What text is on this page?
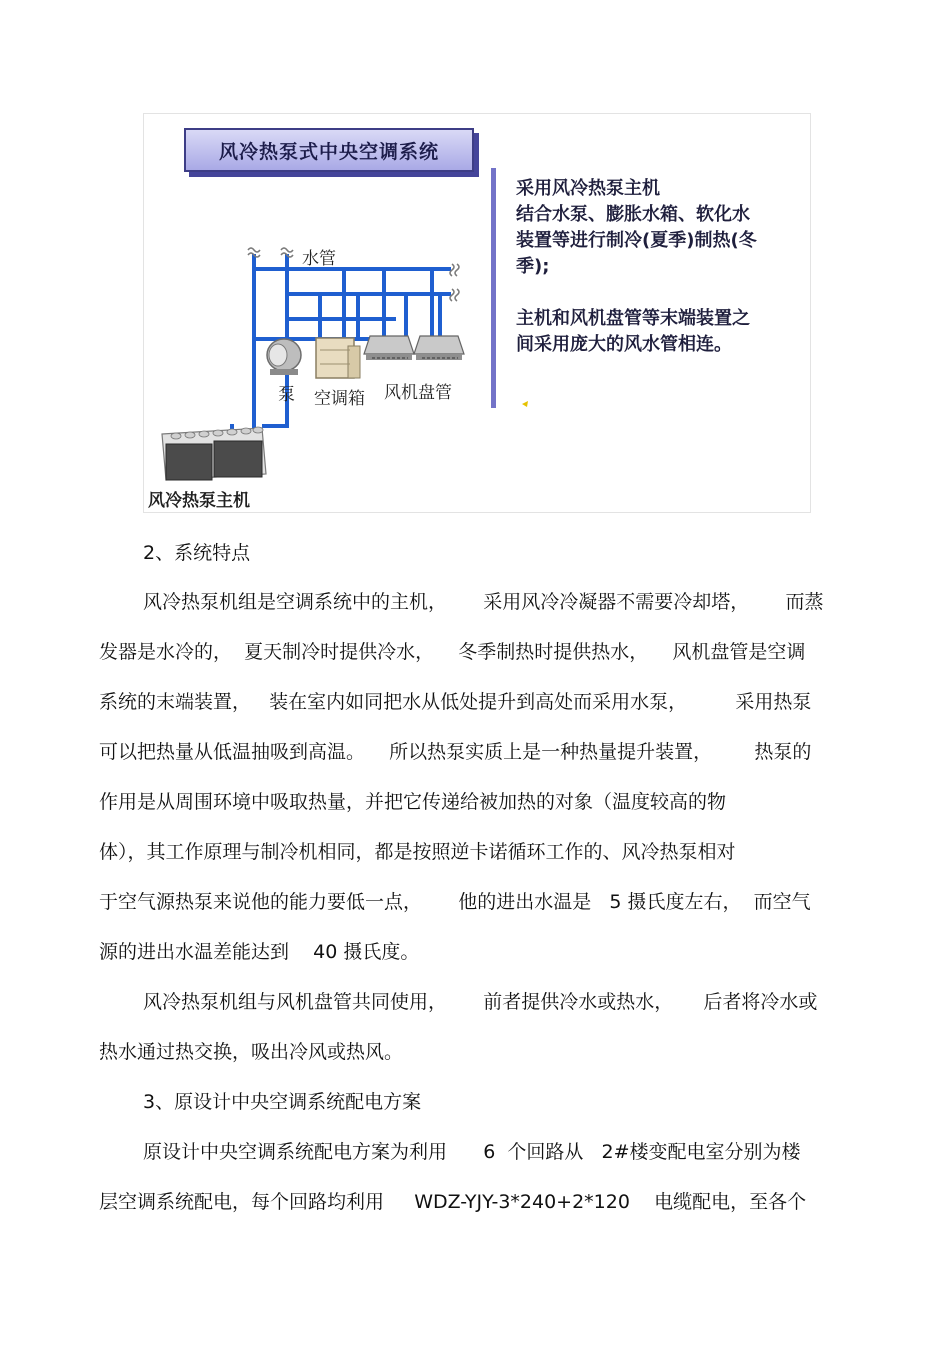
风冷热泵式中央空调系统
水管
泵 空调箱 风机盘管
风冷热泵主机

采用风冷热泵主机

结合水泵、膨胀水箱、软化水

装置等进行制冷(夏季)制热(冬

季);

主机和风机盘管等末端装置之

间采用庞大的风水管相连。

2、系统特点
风冷热泵机组是空调系统中的主机，      采用风冷冷凝器不需要冷却塔，      而蒸
发器是水冷的，  夏天制冷时提供冷水，    冬季制热时提供热水，    风机盘管是空调
系统的末端装置，   装在室内如同把水从低处提升到高处而采用水泵，        采用热泵
可以把热量从低温抽吸到高温。    所以热泵实质上是一种热量提升装置，       热泵的
作用是从周围环境中吸取热量，并把它传递给被加热的对象（温度较高的物
体），其工作原理与制冷机相同，都是按照逆卡诺循环工作的、风冷热泵相对
于空气源热泵来说他的能力要低一点，      他的进出水温是   5 摄氏度左右，  而空气
源的进出水温差能达到    40 摄氏度。
风冷热泵机组与风机盘管共同使用，      前者提供冷水或热水，     后者将冷水或
热水通过热交换，吸出冷风或热风。
3、原设计中央空调系统配电方案
原设计中央空调系统配电方案为利用      6  个回路从   2#楼变配电室分别为楼
层空调系统配电，每个回路均利用     WDZ-YJY-3*240+2*120    电缆配电，至各个
